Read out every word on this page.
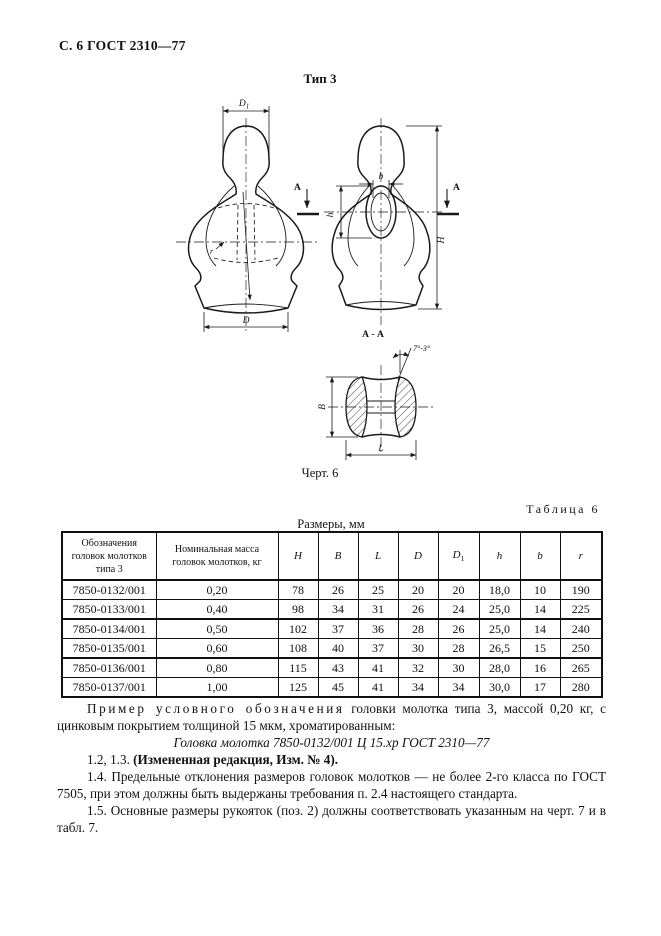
С. 6 ГОСТ 2310—77
Тип 3
$D_1$
D
r
А	А
b
h
H
А - А
7°-3°
B
L
Черт. 6
Таблица 6
Размеры, мм
Обозначения головок молотков типа 3	Номинальная масса головок молотков, кг	H	B	L	D	$D_1$	h	b	r
7850-0132/001	0,20	78	26	25	20	20	18,0	10	190
7850-0133/001	0,40	98	34	31	26	24	25,0	14	225
7850-0134/001	0,50	102	37	36	28	26	25,0	14	240
7850-0135/001	0,60	108	40	37	30	28	26,5	15	250
7850-0136/001	0,80	115	43	41	32	30	28,0	16	265
7850-0137/001	1,00	125	45	41	34	34	30,0	17	280

Пример условного обозначения головки молотка типа 3, массой 0,20 кг, с цинковым покрытием толщиной 15 мкм, хроматированным:

Головка молотка 7850-0132/001 Ц 15.хр ГОСТ 2310—77

1.2, 1.3. (Измененная редакция, Изм. № 4).

1.4. Предельные отклонения размеров головок молотков — не более 2-го класса по ГОСТ 7505, при этом должны быть выдержаны требования п. 2.4 настоящего стандарта.

1.5. Основные размеры рукояток (поз. 2) должны соответствовать указанным на черт. 7 и в табл. 7.
